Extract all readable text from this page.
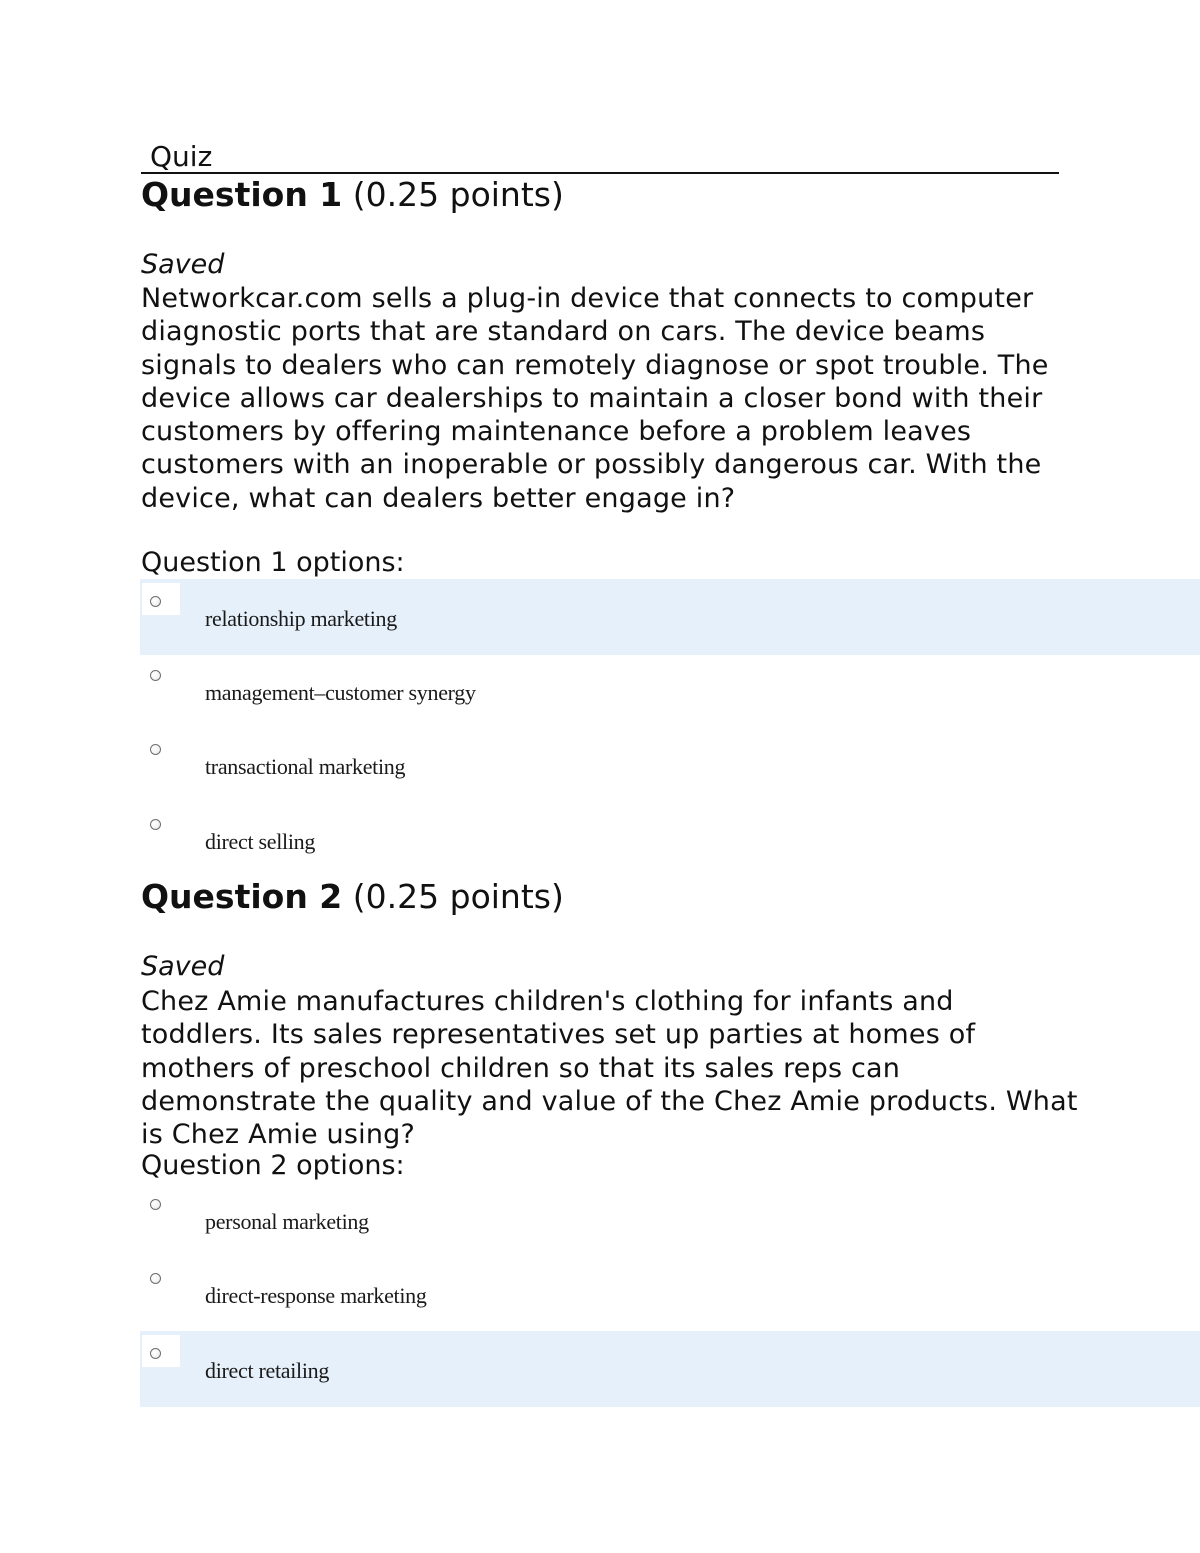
Quiz
Question 1 (0.25 points)
Saved
Networkcar.com sells a plug-in device that connects to computer diagnostic ports that are standard on cars. The device beams signals to dealers who can remotely diagnose or spot trouble. The device allows car dealerships to maintain a closer bond with their customers by offering maintenance before a problem leaves customers with an inoperable or possibly dangerous car. With the device, what can dealers better engage in?
Question 1 options:
relationship marketing
management–customer synergy
transactional marketing
direct selling
Question 2 (0.25 points)
Saved
Chez Amie manufactures children's clothing for infants and toddlers. Its sales representatives set up parties at homes of mothers of preschool children so that its sales reps can demonstrate the quality and value of the Chez Amie products. What is Chez Amie using?
Question 2 options:
personal marketing
direct-response marketing
direct retailing
